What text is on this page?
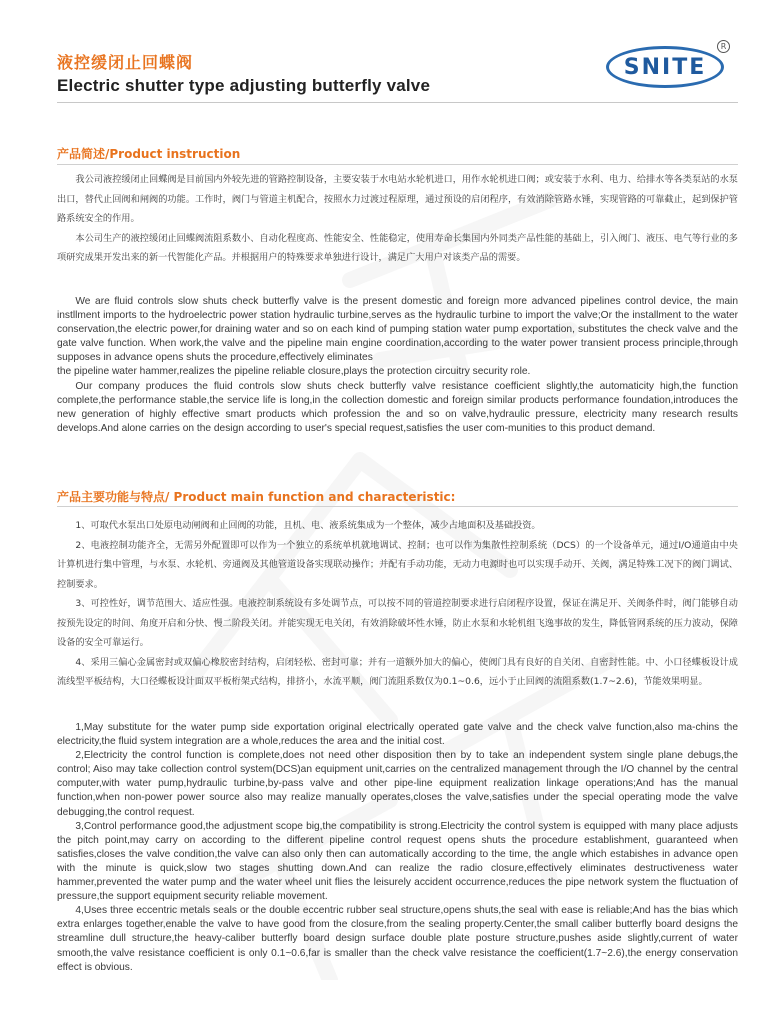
液控缓闭止回蝶阀
Electric shutter type adjusting butterfly valve
SNITE
R
产品简述/Product instruction

我公司液控缓闭止回蝶阀是目前国内外较先进的管路控制设备，主要安装于水电站水轮机进口，用作水轮机进口阀；或安装于水利、电力、给排水等各类泵站的水泵出口，替代止回阀和闸阀的功能。工作时，阀门与管道主机配合，按照水力过渡过程原理，通过预设的启闭程序，有效消除管路水锤，实现管路的可靠截止，起到保护管路系统安全的作用。

本公司生产的液控缓闭止回蝶阀流阻系数小、自动化程度高、性能安全、性能稳定，使用寿命长集国内外同类产品性能的基础上，引入阀门、液压、电气等行业的多项研究成果开发出来的新一代智能化产品。并根据用户的特殊要求单独进行设计，满足广大用户对该类产品的需要。

We are fluid controls slow shuts check butterfly valve is the present domestic and foreign more advanced pipelines control device, the main instllment imports to the hydroelectric power station hydraulic turbine,serves as the hydraulic turbine to import the valve;Or the installment to the water conservation,the electric power,for draining water and so on each kind of pumping station water pump exportation, substitutes the check valve and the gate valve function. When work,the valve and the pipeline main engine coordination,according to the water power transient process principle,through supposes in advance opens shuts the procedure,effectively eliminates

the pipeline water hammer,realizes the pipeline reliable closure,plays the protection circuitry security role.

Our company produces the fluid controls slow shuts check butterfly valve resistance coefficient slightly,the automaticity high,the function complete,the performance stable,the service life is long,in the collection domestic and foreign similar products performance foundation,introduces the new generation of highly effective smart products which profession the and so on valve,hydraulic pressure, electricity many research results develops.And alone carries on the design according to user's special request,satisfies the user com-munities to this product demand.

产品主要功能与特点/ Product main function and characteristic:

1、可取代水泵出口处原电动闸阀和止回阀的功能，且机、电、液系统集成为一个整体，减少占地面积及基础投资。

2、电液控制功能齐全，无需另外配置即可以作为一个独立的系统单机就地调试、控制；也可以作为集散性控制系统（DCS）的一个设备单元，通过I/O通道由中央计算机进行集中管理，与水泵、水轮机、旁通阀及其他管道设备实现联动操作；并配有手动功能，无动力电源时也可以实现手动开、关阀，满足特殊工况下的阀门调试、控制要求。

3、可控性好，调节范围大、适应性强。电液控制系统设有多处调节点，可以按不同的管道控制要求进行启闭程序设置，保证在满足开、关阀条件时，阀门能够自动按预先设定的时间、角度开启和分快、慢二阶段关闭。并能实现无电关闭，有效消除破坏性水锤，防止水泵和水轮机组飞逸事故的发生，降低管网系统的压力波动，保障设备的安全可靠运行。

4、采用三偏心金属密封或双偏心橡胶密封结构，启闭轻松、密封可靠；并有一道额外加大的偏心，使阀门具有良好的自关闭、自密封性能。中、小口径蝶板设计成流线型平板结构，大口径蝶板设计面双平板桁架式结构，排挤小，水流平顺，阀门流阻系数仅为0.1~0.6，远小于止回阀的流阻系数(1.7~2.6)，节能效果明显。

1,May substitute for the water pump side exportation original electrically operated gate valve and the check valve function,also ma-chins the electricity,the fluid system integration are a whole,reduces the area and the initial cost.

2,Electricity the control function is complete,does not need other disposition then by to take an independent system single plane debugs,the control; Aiso may take collection control system(DCS)an equipment unit,carries on the centralized management through the I/O channel by the central computer,with water pump,hydraulic turbine,by-pass valve and other pipe-line equipment realization linkage operations;And has the manual function,when non-power power source also may realize manually operates,closes the valve,satisfies under the special operating mode the valve debugging,the control request.

3,Control performance good,the adjustment scope big,the compatibility is strong.Electricity the control system is equipped with many place adjusts the pitch point,may carry on according to the different pipeline control request opens shuts the procedure establishment, guaranteed when satisfies,closes the valve condition,the valve can also only then can automatically according to the time, the angle which estabishes in advance open with the minute is quick,slow two stages shutting down.And can realize the radio closure,effectively eliminates destructiveness water hammer,prevented the water pump and the water wheel unit flies the leisurely accident occurrence,reduces the pipe network system the fluctuation of pressure,the support equipment security reliable movement.

4,Uses three eccentric metals seals or the double eccentric rubber seal structure,opens shuts,the seal with ease is reliable;And has the bias which extra enlarges together,enable the valve to have good from the closure,from the sealing property.Center,the small caliber butterfly board designs the streamline dull structure,the heavy-caliber butterfly board design surface double plate posture structure,pushes aside slightly,current of water smooth,the valve resistance coefficient is only 0.1~0.6,far is smaller than the check valve resistance the coefficient(1.7~2.6),the energy conservation effect is obvious.
